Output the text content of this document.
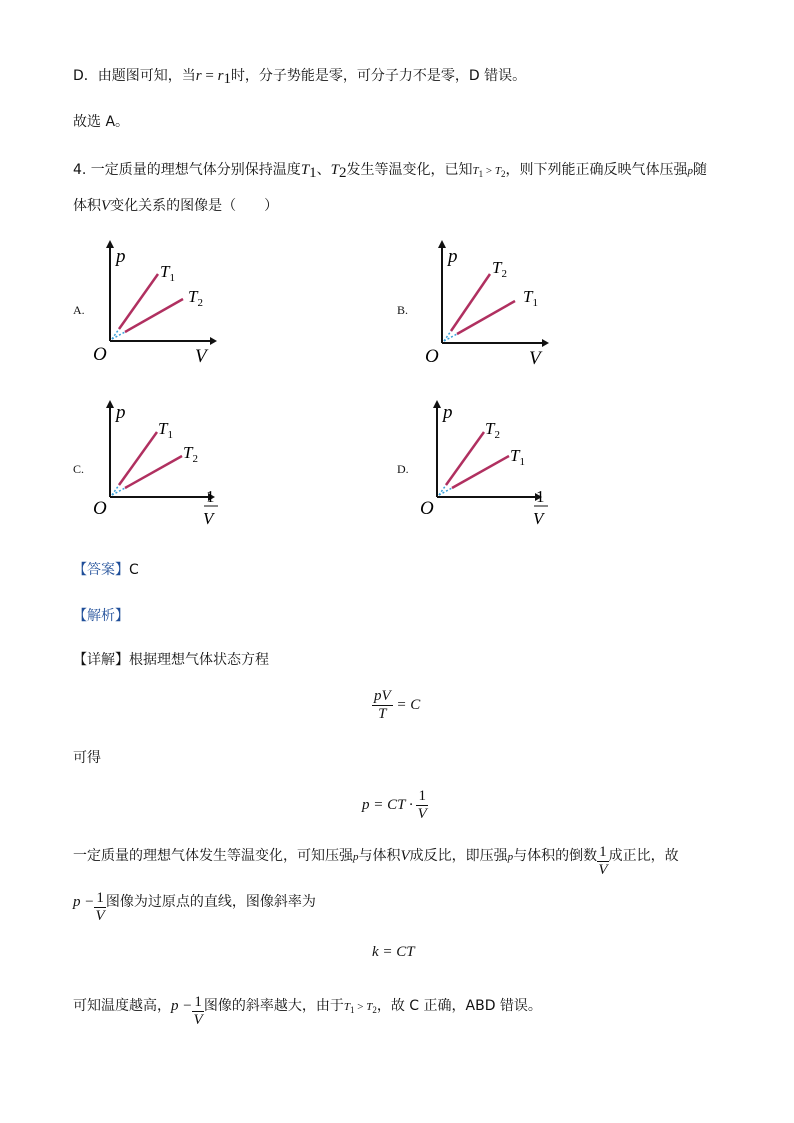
D．由题图可知，当$r = r_1$时，分子势能是零，可分子力不是零，D 错误。
故选 A。
4. 一定质量的理想气体分别保持温度$T_1$、$T_2$发生等温变化，已知$T_1 > T_2$，则下列能正确反映气体压强p随
体积V变化关系的图像是（　　）
A.	B.
C.	D.
p
O	V
$T_1$
$T_2$
p
O	V
$T_2$
$T_1$
p
O
1
V
$T_1$
$T_2$
p
O
1
V
$T_2$
$T_1$
【答案】C
【解析】
【详解】根据理想气体状态方程
$\frac{pV}{T} = C$
可得
p = CT · $\frac{1}{V}$
一定质量的理想气体发生等温变化，可知压强p与体积V成反比，即压强p与体积的倒数 $\frac{1}{V}$ 成正比，故
$p - \frac{1}{V}$ 图像为过原点的直线，图像斜率为
k = CT
可知温度越高，$p - \frac{1}{V}$ 图像的斜率越大，由于$T_1 > T_2$，故 C 正确，ABD 错误。
